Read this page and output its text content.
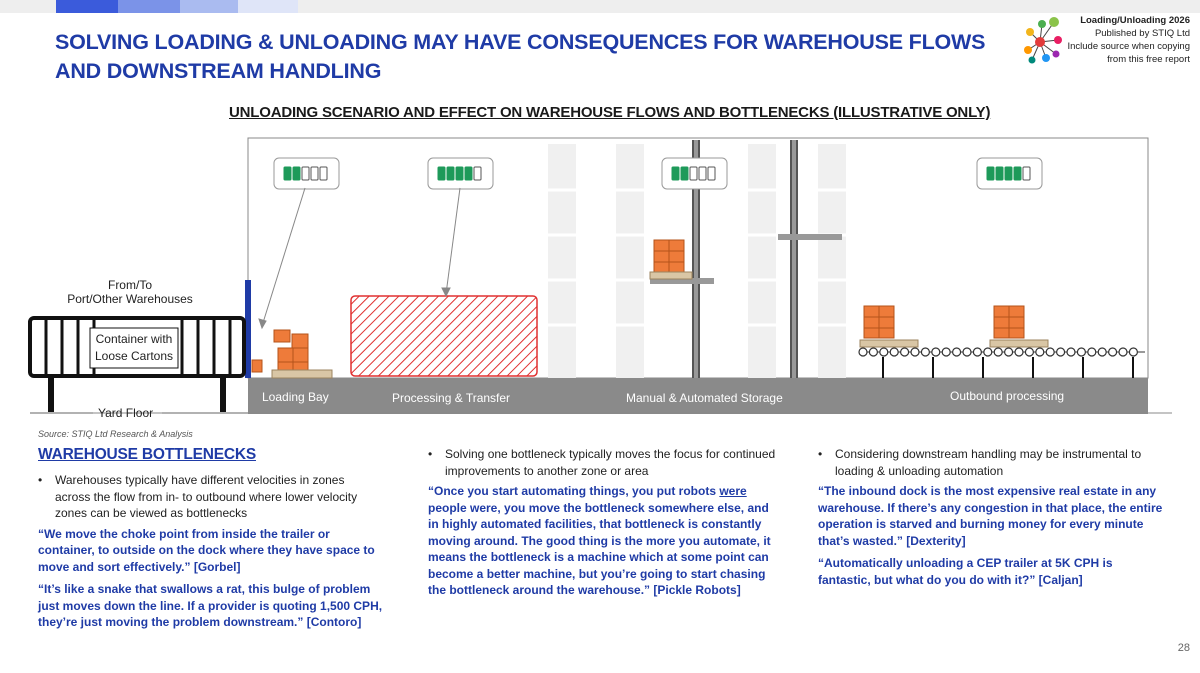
SOLVING LOADING & UNLOADING MAY HAVE CONSEQUENCES FOR WAREHOUSE FLOWS AND DOWNSTREAM HANDLING
Loading/Unloading 2026
Published by STIQ Ltd
Include source when copying
from this free report
UNLOADING SCENARIO AND EFFECT ON WAREHOUSE FLOWS AND BOTTLENECKS (ILLUSTRATIVE ONLY)
From/To
Port/Other Warehouses
Container with
Loose Cartons
Yard Floor
Loading Bay	Processing & Transfer	Manual & Automated Storage	Outbound processing
Source: STIQ Ltd Research & Analysis
WAREHOUSE BOTTLENECKS
• Warehouses typically have different velocities in zones across the flow from in- to outbound where lower velocity zones can be viewed as bottlenecks
“We move the choke point from inside the trailer or container, to outside on the dock where they have space to move and sort effectively.” [Gorbel]
“It’s like a snake that swallows a rat, this bulge of problem just moves down the line. If a provider is quoting 1,500 CPH, they’re just moving the problem downstream.” [Contoro]
• Solving one bottleneck typically moves the focus for continued improvements to another zone or area
“Once you start automating things, you put robots were people were, you move the bottleneck somewhere else, and in highly automated facilities, that bottleneck is constantly moving around. The good thing is the more you automate, it means the bottleneck is a machine which at some point can become a better machine, but you’re going to start chasing the bottleneck around the warehouse.” [Pickle Robots]
• Considering downstream handling may be instrumental to loading & unloading automation
“The inbound dock is the most expensive real estate in any warehouse. If there’s any congestion in that place, the entire operation is starved and burning money for every minute that’s wasted.” [Dexterity]
“Automatically unloading a CEP trailer at 5K CPH is fantastic, but what do you do with it?” [Caljan]
28
